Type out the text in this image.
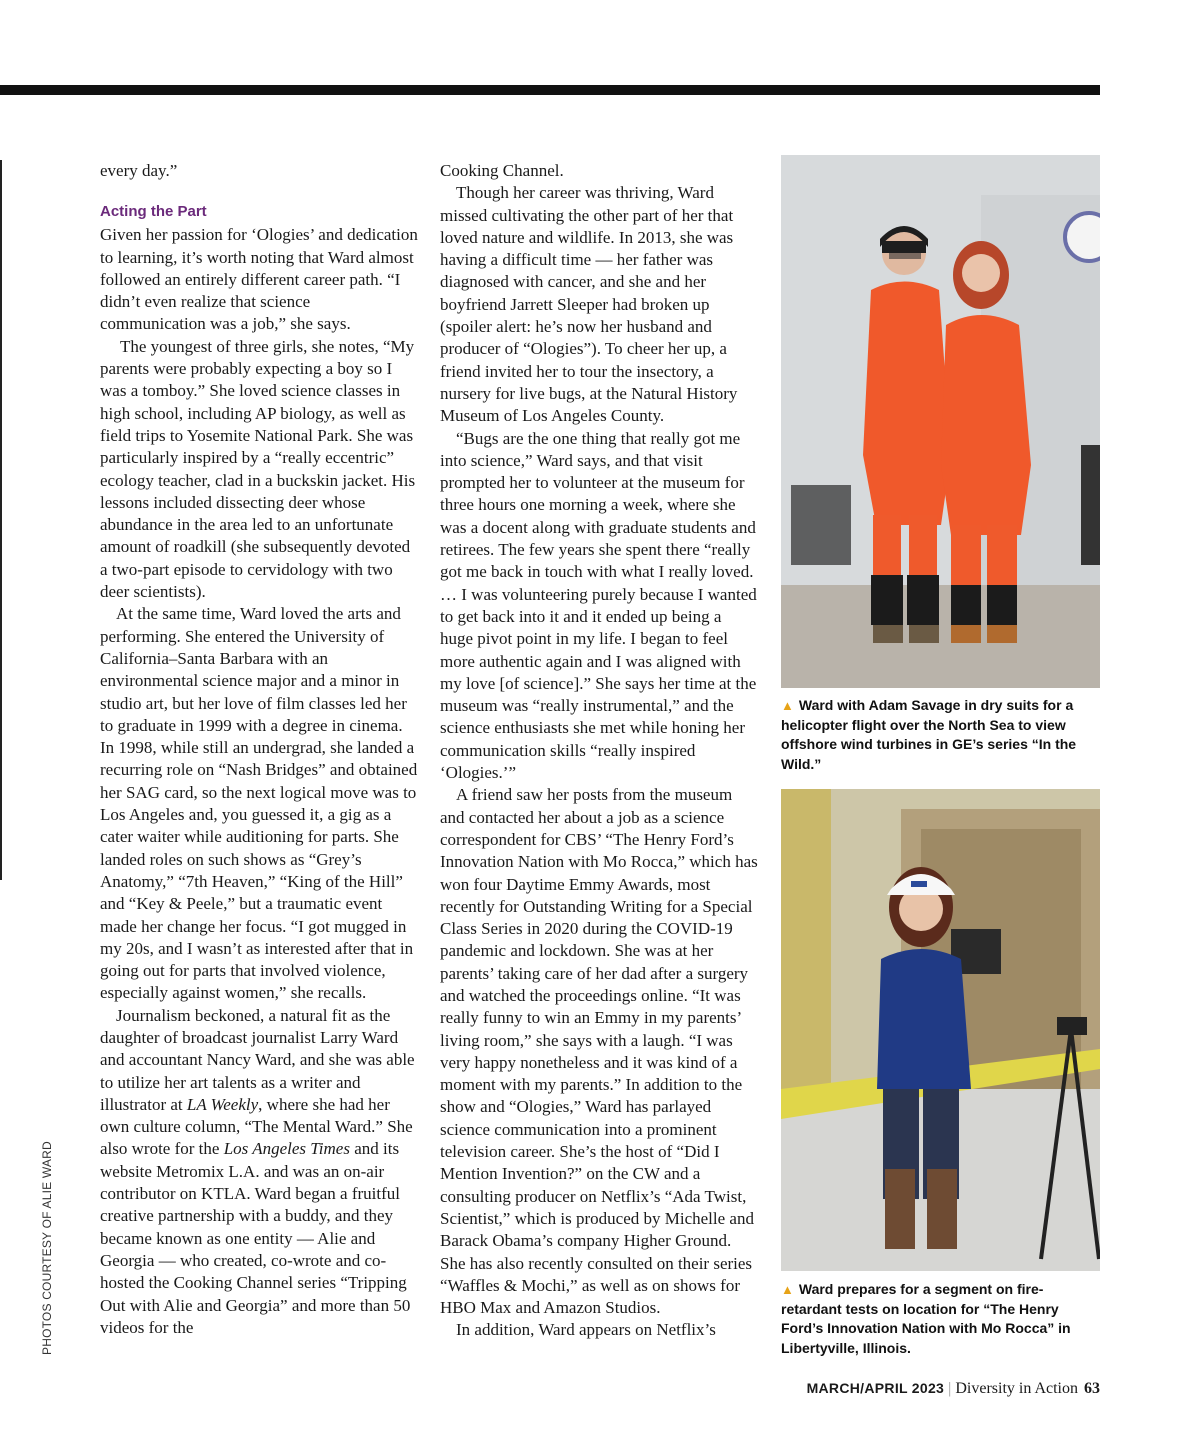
PHOTOS COURTESY OF ALIE WARD

every day.”

Acting the Part

Given her passion for ‘Ologies’ and dedication to learning, it’s worth noting that Ward almost followed an entirely different career path. “I didn’t even realize that science communication was a job,” she says.

The youngest of three girls, she notes, “My parents were probably expecting a boy so I was a tomboy.” She loved science classes in high school, including AP biology, as well as field trips to Yosemite National Park. She was particularly inspired by a “really eccentric” ecology teacher, clad in a buckskin jacket. His lessons included dissecting deer whose abundance in the area led to an unfortunate amount of roadkill (she subsequently devoted a two-part episode to cervidology with two deer scientists).

At the same time, Ward loved the arts and performing. She entered the University of California–Santa Barbara with an environmental science major and a minor in studio art, but her love of film classes led her to graduate in 1999 with a degree in cinema. In 1998, while still an undergrad, she landed a recurring role on “Nash Bridges” and obtained her SAG card, so the next logical move was to Los Angeles and, you guessed it, a gig as a cater waiter while auditioning for parts. She landed roles on such shows as “Grey’s Anatomy,” “7th Heaven,” “King of the Hill” and “Key & Peele,” but a traumatic event made her change her focus. “I got mugged in my 20s, and I wasn’t as interested after that in going out for parts that involved violence, especially against women,” she recalls.

Journalism beckoned, a natural fit as the daughter of broadcast journalist Larry Ward and accountant Nancy Ward, and she was able to utilize her art talents as a writer and illustrator at LA Weekly, where she had her own culture column, “The Mental Ward.” She also wrote for the Los Angeles Times and its website Metromix L.A. and was an on-air contributor on KTLA. Ward began a fruitful creative partnership with a buddy, and they became known as one entity — Alie and Georgia — who created, co-wrote and co-hosted the Cooking Channel series “Tripping Out with Alie and Georgia” and more than 50 videos for the

Cooking Channel.

Though her career was thriving, Ward missed cultivating the other part of her that loved nature and wildlife. In 2013, she was having a difficult time — her father was diagnosed with cancer, and she and her boyfriend Jarrett Sleeper had broken up (spoiler alert: he’s now her husband and producer of “Ologies”). To cheer her up, a friend invited her to tour the insectory, a nursery for live bugs, at the Natural History Museum of Los Angeles County.

“Bugs are the one thing that really got me into science,” Ward says, and that visit prompted her to volunteer at the museum for three hours one morning a week, where she was a docent along with graduate students and retirees. The few years she spent there “really got me back in touch with what I really loved. … I was volunteering purely because I wanted to get back into it and it ended up being a huge pivot point in my life. I began to feel more authentic again and I was aligned with my love [of science].” She says her time at the museum was “really instrumental,” and the science enthusiasts she met while honing her communication skills “really inspired ‘Ologies.’”

A friend saw her posts from the museum and contacted her about a job as a science correspondent for CBS’ “The Henry Ford’s Innovation Nation with Mo Rocca,” which has won four Daytime Emmy Awards, most recently for Outstanding Writing for a Special Class Series in 2020 during the COVID-19 pandemic and lockdown. She was at her parents’ taking care of her dad after a surgery and watched the proceedings online. “It was really funny to win an Emmy in my parents’ living room,” she says with a laugh. “I was very happy nonetheless and it was kind of a moment with my parents.” In addition to the show and “Ologies,” Ward has parlayed science communication into a prominent television career. She’s the host of “Did I Mention Invention?” on the CW and a consulting producer on Netflix’s “Ada Twist, Scientist,” which is produced by Michelle and Barack Obama’s company Higher Ground. She has also recently consulted on their series “Waffles & Mochi,” as well as on shows for HBO Max and Amazon Studios.

In addition, Ward appears on Netflix’s

▲ Ward with Adam Savage in dry suits for a helicopter flight over the North Sea to view offshore wind turbines in GE’s series “In the Wild.”
▲ Ward prepares for a segment on fire-retardant tests on location for “The Henry Ford’s Innovation Nation with Mo Rocca” in Libertyville, Illinois.
MARCH/APRIL 2023 | Diversity in Action 63
